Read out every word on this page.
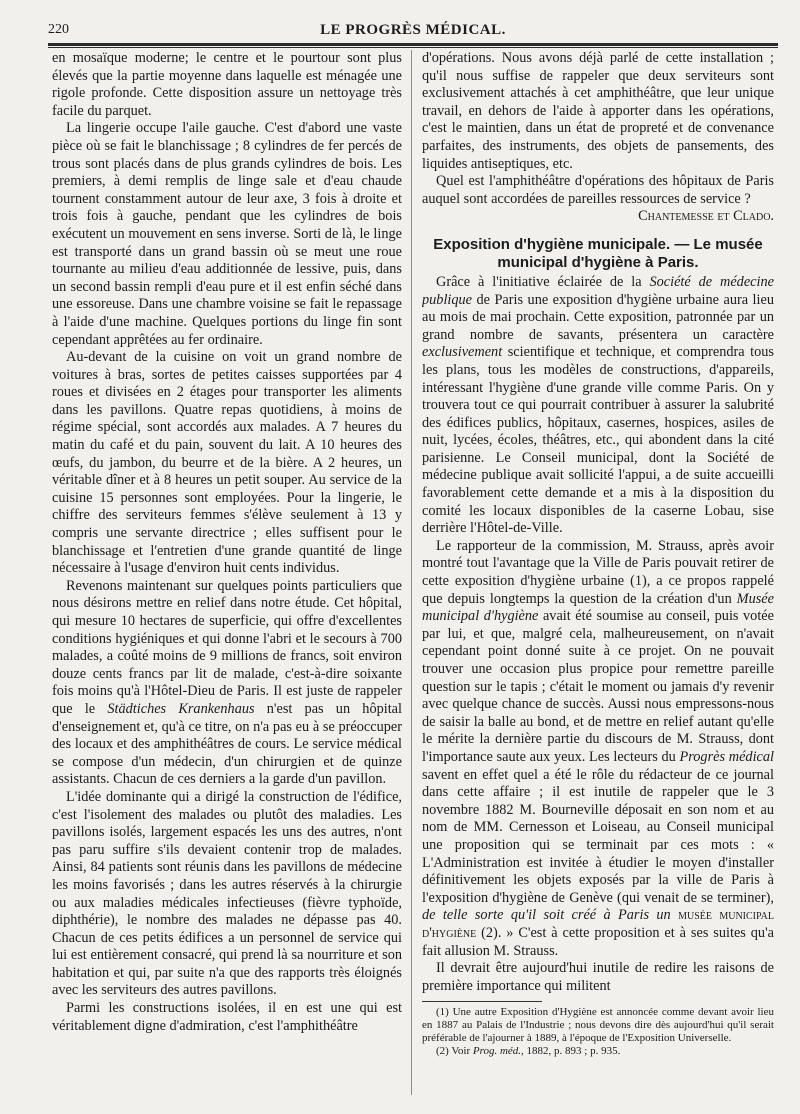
220	LE PROGRÈS MÉDICAL.

en mosaïque moderne; le centre et le pourtour sont plus élevés que la partie moyenne dans laquelle est ménagée une rigole profonde. Cette disposition assure un nettoyage très facile du parquet.

La lingerie occupe l'aile gauche. C'est d'abord une vaste pièce où se fait le blanchissage ; 8 cylindres de fer percés de trous sont placés dans de plus grands cylindres de bois. Les premiers, à demi remplis de linge sale et d'eau chaude tournent constamment autour de leur axe, 3 fois à droite et trois fois à gauche, pendant que les cylindres de bois exécutent un mouvement en sens inverse. Sorti de là, le linge est transporté dans un grand bassin où se meut une roue tournante au milieu d'eau additionnée de lessive, puis, dans un second bassin rempli d'eau pure et il est enfin séché dans une essoreuse. Dans une chambre voisine se fait le repassage à l'aide d'une machine. Quelques portions du linge fin sont cependant apprêtées au fer ordinaire.

Au-devant de la cuisine on voit un grand nombre de voitures à bras, sortes de petites caisses supportées par 4 roues et divisées en 2 étages pour transporter les aliments dans les pavillons. Quatre repas quotidiens, à moins de régime spécial, sont accordés aux malades. A 7 heures du matin du café et du pain, souvent du lait. A 10 heures des œufs, du jambon, du beurre et de la bière. A 2 heures, un véritable dîner et à 8 heures un petit souper. Au service de la cuisine 15 personnes sont employées. Pour la lingerie, le chiffre des serviteurs femmes s'élève seulement à 13 y compris une servante directrice ; elles suffisent pour le blanchissage et l'entretien d'une grande quantité de linge nécessaire à l'usage d'environ huit cents individus.

Revenons maintenant sur quelques points particuliers que nous désirons mettre en relief dans notre étude. Cet hôpital, qui mesure 10 hectares de superficie, qui offre d'excellentes conditions hygiéniques et qui donne l'abri et le secours à 700 malades, a coûté moins de 9 millions de francs, soit environ douze cents francs par lit de malade, c'est-à-dire soixante fois moins qu'à l'Hôtel-Dieu de Paris. Il est juste de rappeler que le Städtiches Krankenhaus n'est pas un hôpital d'enseignement et, qu'à ce titre, on n'a pas eu à se préoccuper des locaux et des amphithéâtres de cours. Le service médical se compose d'un médecin, d'un chirurgien et de quinze assistants. Chacun de ces derniers a la garde d'un pavillon.

L'idée dominante qui a dirigé la construction de l'édifice, c'est l'isolement des malades ou plutôt des maladies. Les pavillons isolés, largement espacés les uns des autres, n'ont pas paru suffire s'ils devaient contenir trop de malades. Ainsi, 84 patients sont réunis dans les pavillons de médecine les moins favorisés ; dans les autres réservés à la chirurgie ou aux maladies médicales infectieuses (fièvre typhoïde, diphthérie), le nombre des malades ne dépasse pas 40. Chacun de ces petits édifices a un personnel de service qui lui est entièrement consacré, qui prend là sa nourriture et son habitation et qui, par suite n'a que des rapports très éloignés avec les serviteurs des autres pavillons.

Parmi les constructions isolées, il en est une qui est véritablement digne d'admiration, c'est l'amphithéâtre

d'opérations. Nous avons déjà parlé de cette installation ; qu'il nous suffise de rappeler que deux serviteurs sont exclusivement attachés à cet amphithéâtre, que leur unique travail, en dehors de l'aide à apporter dans les opérations, c'est le maintien, dans un état de propreté et de convenance parfaites, des instruments, des objets de pansements, des liquides antiseptiques, etc.

Quel est l'amphithéâtre d'opérations des hôpitaux de Paris auquel sont accordées de pareilles ressources de service ?
Chantemesse et Clado.

Exposition d'hygiène municipale. — Le musée municipal d'hygiène à Paris.

Grâce à l'initiative éclairée de la Société de médecine publique de Paris une exposition d'hygiène urbaine aura lieu au mois de mai prochain. Cette exposition, patronnée par un grand nombre de savants, présentera un caractère exclusivement scientifique et technique, et comprendra tous les plans, tous les modèles de constructions, d'appareils, intéressant l'hygiène d'une grande ville comme Paris. On y trouvera tout ce qui pourrait contribuer à assurer la salubrité des édifices publics, hôpitaux, casernes, hospices, asiles de nuit, lycées, écoles, théâtres, etc., qui abondent dans la cité parisienne. Le Conseil municipal, dont la Société de médecine publique avait sollicité l'appui, a de suite accueilli favorablement cette demande et a mis à la disposition du comité les locaux disponibles de la caserne Lobau, sise derrière l'Hôtel-de-Ville.

Le rapporteur de la commission, M. Strauss, après avoir montré tout l'avantage que la Ville de Paris pouvait retirer de cette exposition d'hygiène urbaine (1), a ce propos rappelé que depuis longtemps la question de la création d'un Musée municipal d'hygiène avait été soumise au conseil, puis votée par lui, et que, malgré cela, malheureusement, on n'avait cependant point donné suite à ce projet. On ne pouvait trouver une occasion plus propice pour remettre pareille question sur le tapis ; c'était le moment ou jamais d'y revenir avec quelque chance de succès. Aussi nous empressons-nous de saisir la balle au bond, et de mettre en relief autant qu'elle le mérite la dernière partie du discours de M. Strauss, dont l'importance saute aux yeux. Les lecteurs du Progrès médical savent en effet quel a été le rôle du rédacteur de ce journal dans cette affaire ; il est inutile de rappeler que le 3 novembre 1882 M. Bourneville déposait en son nom et au nom de MM. Cernesson et Loiseau, au Conseil municipal une proposition qui se terminait par ces mots : « L'Administration est invitée à étudier le moyen d'installer définitivement les objets exposés par la ville de Paris à l'exposition d'hygiène de Genève (qui venait de se terminer), de telle sorte qu'il soit créé à Paris un musée municipal d'hygiène (2). » C'est à cette proposition et à ses suites qu'a fait allusion M. Strauss.

Il devrait être aujourd'hui inutile de redire les raisons de première importance qui militent

(1) Une autre Exposition d'Hygiène est annoncée comme devant avoir lieu en 1887 au Palais de l'Industrie ; nous devons dire dès aujourd'hui qu'il serait préférable de l'ajourner à 1889, à l'époque de l'Exposition Universelle.

(2) Voir Prog. méd., 1882, p. 893 ; p. 935.
